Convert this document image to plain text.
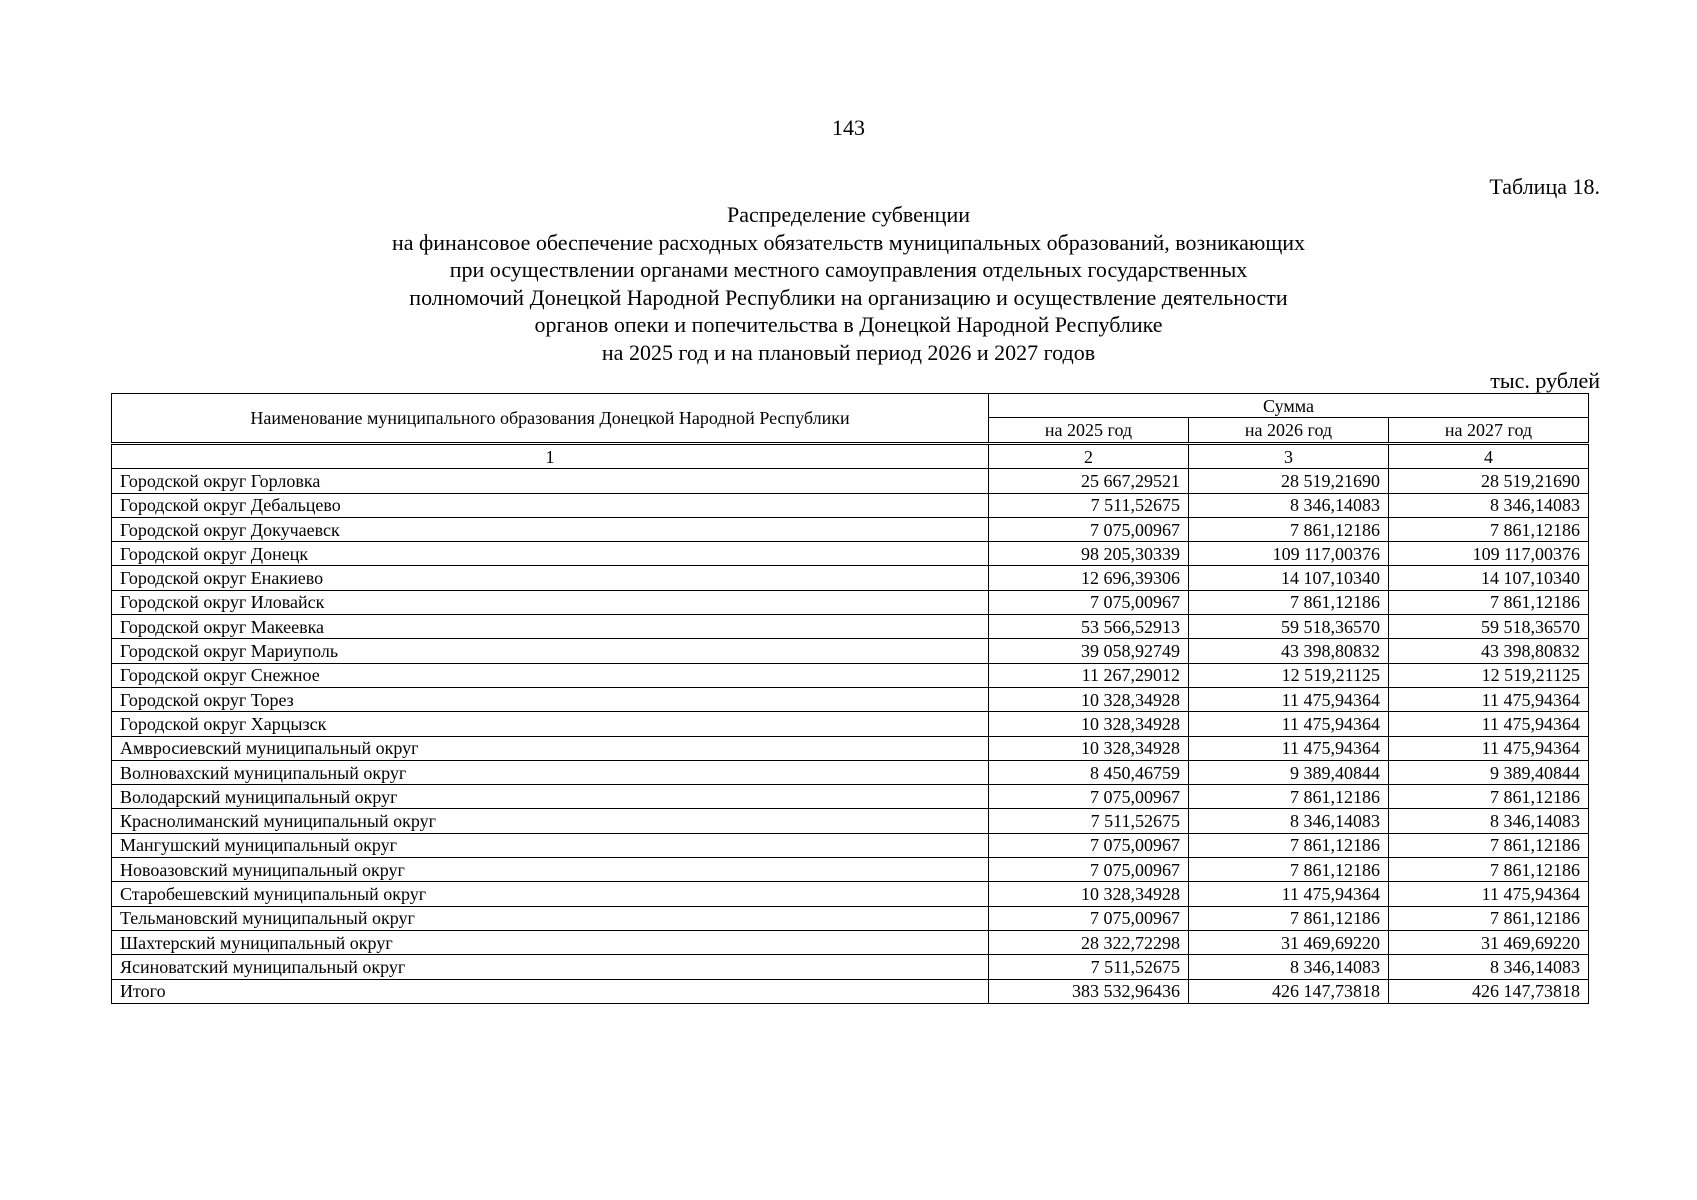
143
Таблица 18.
Распределение субвенции
на финансовое обеспечение расходных обязательств муниципальных образований, возникающих
при осуществлении органами местного самоуправления отдельных государственных
полномочий Донецкой Народной Республики на организацию и осуществление деятельности
органов опеки и попечительства в Донецкой Народной Республике
на 2025 год и на плановый период 2026 и 2027 годов
тыс. рублей
Наименование муниципального образования Донецкой Народной Республики	Сумма		
	на 2025 год	на 2026 год	на 2027 год
1	2	3	4
Городской округ Горловка	25 667,29521	28 519,21690	28 519,21690
Городской округ Дебальцево	7 511,52675	8 346,14083	8 346,14083
Городской округ Докучаевск	7 075,00967	7 861,12186	7 861,12186
Городской округ Донецк	98 205,30339	109 117,00376	109 117,00376
Городской округ Енакиево	12 696,39306	14 107,10340	14 107,10340
Городской округ Иловайск	7 075,00967	7 861,12186	7 861,12186
Городской округ Макеевка	53 566,52913	59 518,36570	59 518,36570
Городской округ Мариуполь	39 058,92749	43 398,80832	43 398,80832
Городской округ Снежное	11 267,29012	12 519,21125	12 519,21125
Городской округ Торез	10 328,34928	11 475,94364	11 475,94364
Городской округ Харцызск	10 328,34928	11 475,94364	11 475,94364
Амвросиевский муниципальный округ	10 328,34928	11 475,94364	11 475,94364
Волновахский муниципальный округ	8 450,46759	9 389,40844	9 389,40844
Володарский муниципальный округ	7 075,00967	7 861,12186	7 861,12186
Краснолиманский муниципальный округ	7 511,52675	8 346,14083	8 346,14083
Мангушский муниципальный округ	7 075,00967	7 861,12186	7 861,12186
Новоазовский муниципальный округ	7 075,00967	7 861,12186	7 861,12186
Старобешевский муниципальный округ	10 328,34928	11 475,94364	11 475,94364
Тельмановский муниципальный округ	7 075,00967	7 861,12186	7 861,12186
Шахтерский муниципальный округ	28 322,72298	31 469,69220	31 469,69220
Ясиноватский муниципальный округ	7 511,52675	8 346,14083	8 346,14083
Итого	383 532,96436	426 147,73818	426 147,73818
